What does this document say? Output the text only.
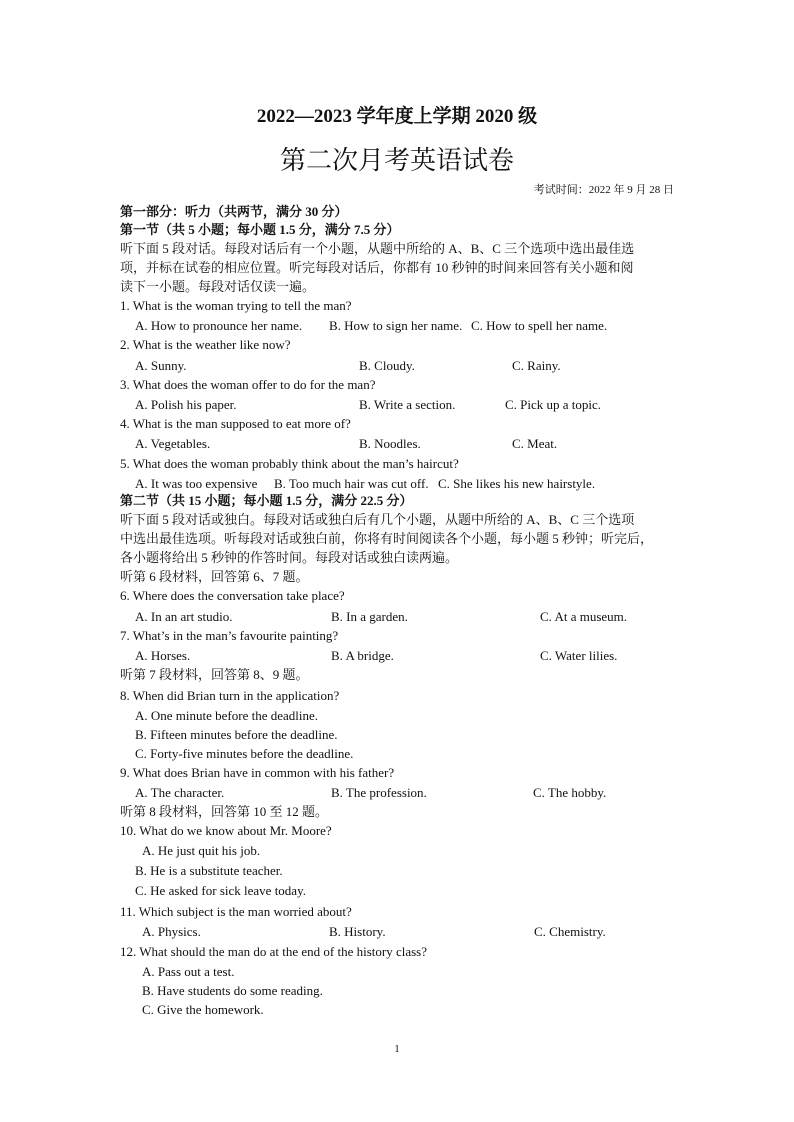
2022—2023 学年度上学期 2020 级
第二次月考英语试卷
考试时间：2022 年 9 月 28 日
第一部分：听力（共两节，满分 30 分）
第一节（共 5 小题；每小题 1.5 分，满分 7.5 分）
听下面 5 段对话。每段对话后有一个小题，从题中所给的 A、B、C 三个选项中选出最佳选
项，并标在试卷的相应位置。听完每段对话后，你都有 10 秒钟的时间来回答有关小题和阅
读下一小题。每段对话仅读一遍。
1. What is the woman trying to tell the man?
A. How to pronounce her name. B. How to sign her name. C. How to spell her name.
2. What is the weather like now?
A. Sunny.	B. Cloudy.	C. Rainy.
3. What does the woman offer to do for the man?
A. Polish his paper.	B. Write a section.	C. Pick up a topic.
4. What is the man supposed to eat more of?
A. Vegetables.	B. Noodles.	C. Meat.
5. What does the woman probably think about the man’s haircut?
A. It was too expensive B. Too much hair was cut off. C. She likes his new hairstyle.
第二节（共 15 小题；每小题 1.5 分，满分 22.5 分）
听下面 5 段对话或独白。每段对话或独白后有几个小题，从题中所给的 A、B、C 三个选项
中选出最佳选项。听每段对话或独白前，你将有时间阅读各个小题，每小题 5 秒钟；听完后，
各小题将给出 5 秒钟的作答时间。每段对话或独白读两遍。
听第 6 段材料，回答第 6、7 题。
6. Where does the conversation take place?
A. In an art studio.	B. In a garden.	C. At a museum.
7. What’s in the man’s favourite painting?
A. Horses.	B. A bridge.	C. Water lilies.
听第 7 段材料，回答第 8、9 题。
8. When did Brian turn in the application?
A. One minute before the deadline.
B. Fifteen minutes before the deadline.
C. Forty-five minutes before the deadline.
9. What does Brian have in common with his father?
A. The character.	B. The profession.	C. The hobby.
听第 8 段材料，回答第 10 至 12 题。
10. What do we know about Mr. Moore?
A. He just quit his job.
B. He is a substitute teacher.
C. He asked for sick leave today.
11. Which subject is the man worried about?
A. Physics.	B. History.	C. Chemistry.
12. What should the man do at the end of the history class?
A. Pass out a test.
B. Have students do some reading.
C. Give the homework.
1
